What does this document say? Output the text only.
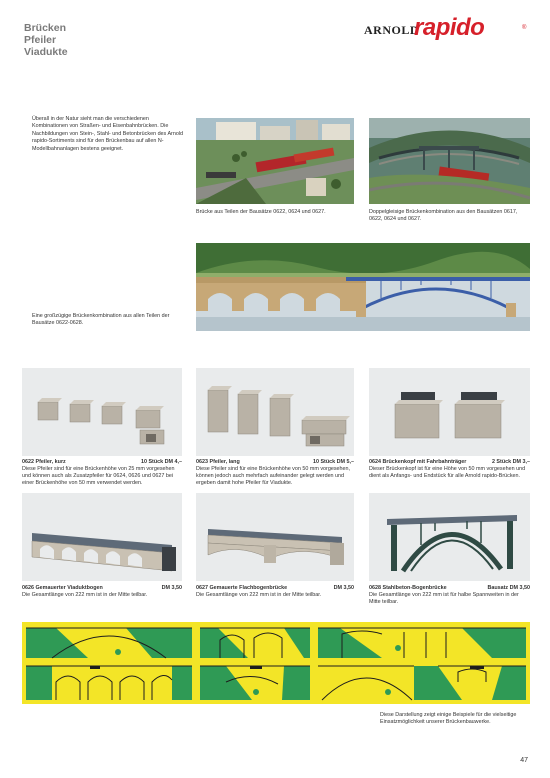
Brücken
Pfeiler
Viadukte
ARNOLD
rapido	®
Überall in der Natur sieht man die verschiedenen Kombinationen von Straßen- und Eisenbahnbrücken. Die Nachbildungen von Stein-, Stahl- und Betonbrücken des Arnold rapido-Sortiments sind für den Brückenbau auf allen N-Modellbahnanlagen bestens geeignet.
Brücke aus Teilen der Bausätze 0622, 0624 und 0627.	Doppelgleisige Brückenkombination aus den Bausätzen 0617, 0622, 0624 und 0627.
Eine großzügige Brückenkombination aus allen Teilen der Bausätze 0622-0628.
0622 Pfeiler, kurz	10 Stück DM 4,–
Diese Pfeiler sind für eine Brückenhöhe von 25 mm vorgesehen und können auch als Zusatzpfeiler für 0624, 0626 und 0627 bei einer Brückenhöhe von 50 mm verwendet werden.
0623 Pfeiler, lang	10 Stück DM 5,–
Diese Pfeiler sind für eine Brückenhöhe von 50 mm vorgesehen, können jedoch auch mehrfach aufeinander gelegt werden und ergeben damit hohe Pfeiler für Viadukte.
0624 Brückenkopf mit Fahrbahnträger	2 Stück DM 3,–
Dieser Brückenkopf ist für eine Höhe von 50 mm vorgesehen und dient als Anfangs- und Endstück für alle Arnold rapido-Brücken.
0626 Gemauerter Viaduktbogen	DM 3,50
Die Gesamtlänge von 222 mm ist in der Mitte teilbar.
0627 Gemauerte Flachbogenbrücke	DM 3,50
Die Gesamtlänge von 222 mm ist in der Mitte teilbar.
0628 Stahlbeton-Bogenbrücke	Bausatz DM 3,50
Die Gesamtlänge von 222 mm ist für halbe Spannweiten in der Mitte teilbar.
Diese Darstellung zeigt einige Beispiele für die vielseitige Einsatzmöglichkeit unserer Brückenbauwerke.
47
